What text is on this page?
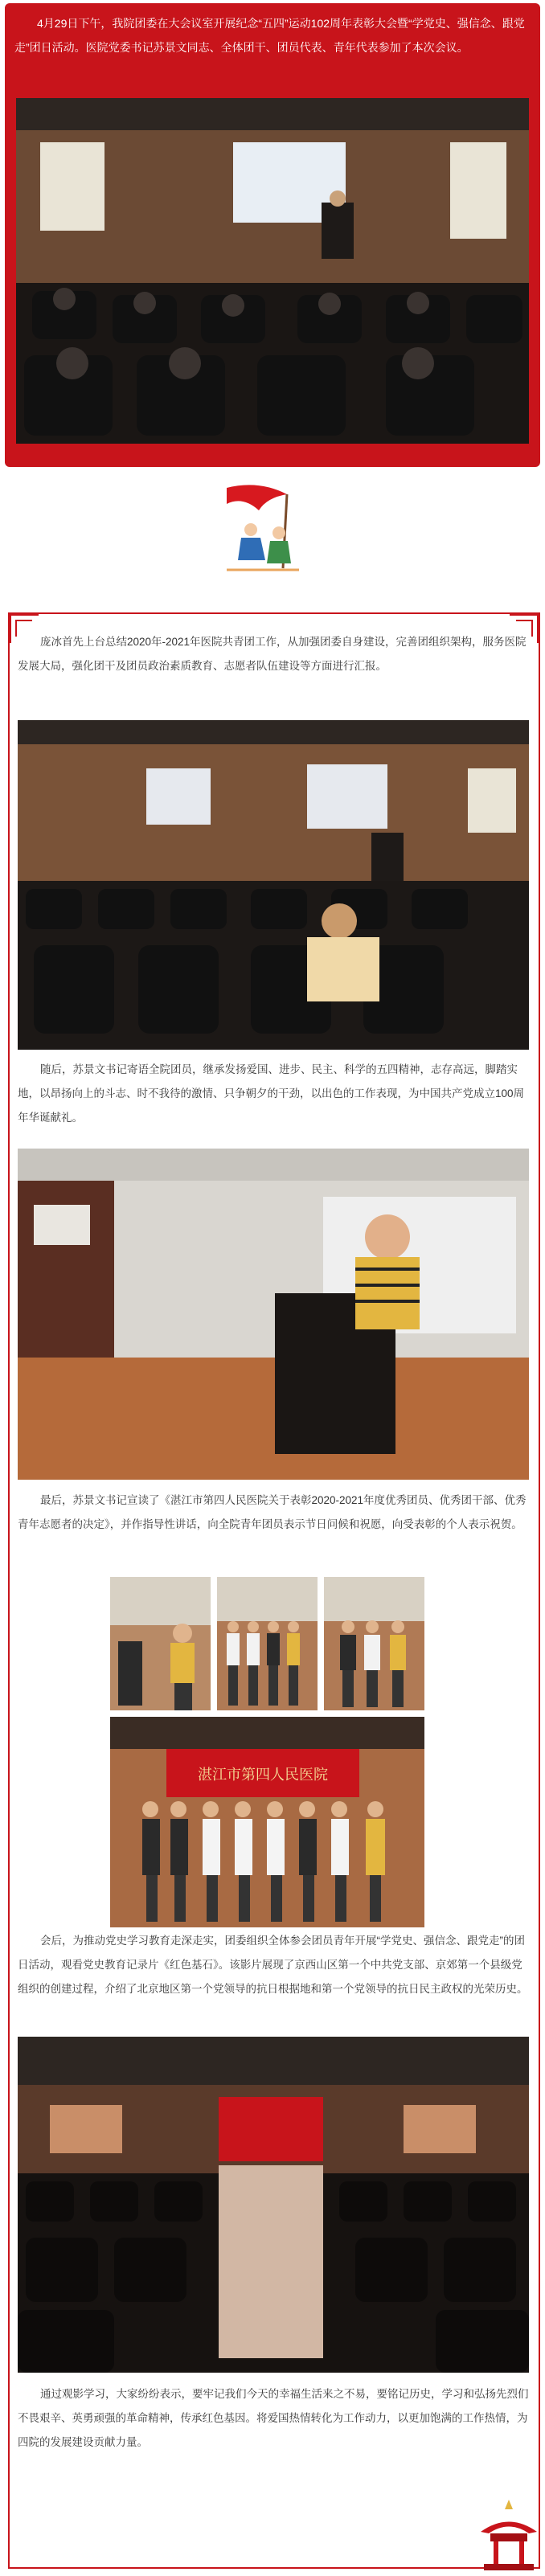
4月29日下午，我院团委在大会议室开展纪念“五四”运动102周年表彰大会暨“学党史、强信念、跟党走”团日活动。医院党委书记苏景文同志、全体团干、团员代表、青年代表参加了本次会议。

庞冰首先上台总结2020年-2021年医院共青团工作，从加强团委自身建设，完善团组织架构，服务医院发展大局，强化团干及团员政治素质教育、志愿者队伍建设等方面进行汇报。

随后，苏景文书记寄语全院团员，继承发扬爱国、进步、民主、科学的五四精神，志存高远，脚踏实地，以昂扬向上的斗志、时不我待的激情、只争朝夕的干劲，以出色的工作表现，为中国共产党成立100周年华诞献礼。

最后，苏景文书记宣读了《湛江市第四人民医院关于表彰2020-2021年度优秀团员、优秀团干部、优秀青年志愿者的决定》，并作指导性讲话，向全院青年团员表示节日问候和祝愿，向受表彰的个人表示祝贺。

湛江市第四人民医院

会后，为推动党史学习教育走深走实，团委组织全体参会团员青年开展“学党史、强信念、跟党走”的团日活动，观看党史教育记录片《红色基石》。该影片展现了京西山区第一个中共党支部、京郊第一个县级党组织的创建过程，介绍了北京地区第一个党领导的抗日根据地和第一个党领导的抗日民主政权的光荣历史。

通过观影学习，大家纷纷表示，要牢记我们今天的幸福生活来之不易，要铭记历史，学习和弘扬先烈们不畏艰辛、英勇顽强的革命精神，传承红色基因。将爱国热情转化为工作动力，以更加饱满的工作热情，为四院的发展建设贡献力量。
